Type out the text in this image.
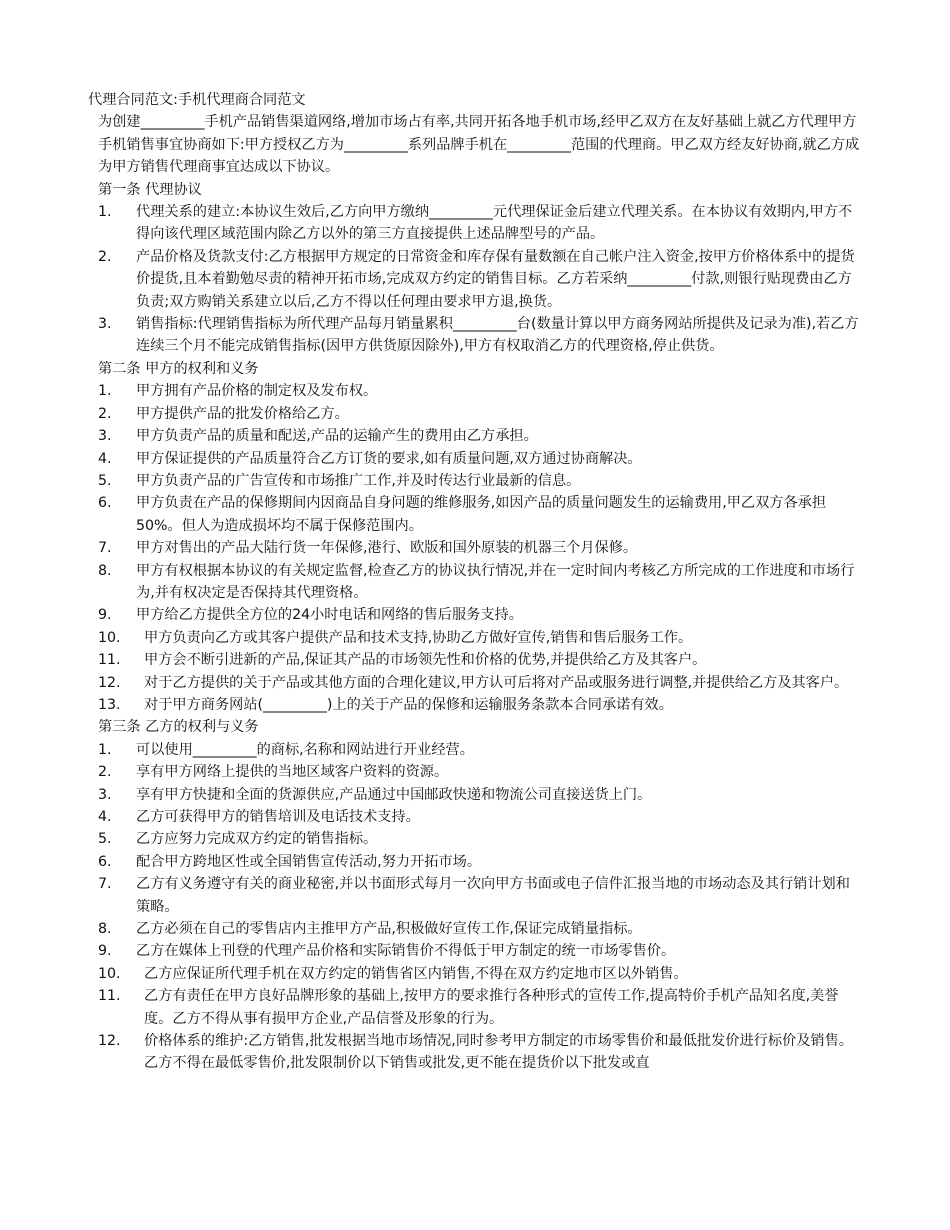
代理合同范文:手机代理商合同范文

为创建_________手机产品销售渠道网络,增加市场占有率,共同开拓各地手机市场,经甲乙双方在友好基础上就乙方代理甲方手机销售事宜协商如下:甲方授权乙方为_________系列品牌手机在_________范围的代理商。甲乙双方经友好协商,就乙方成为甲方销售代理商事宜达成以下协议。

第一条 代理协议

1. 代理关系的建立:本协议生效后,乙方向甲方缴纳_________元代理保证金后建立代理关系。在本协议有效期内,甲方不得向该代理区域范围内除乙方以外的第三方直接提供上述品牌型号的产品。
2. 产品价格及货款支付:乙方根据甲方规定的日常资金和库存保有量数额在自己帐户注入资金,按甲方价格体系中的提货价提货,且本着勤勉尽责的精神开拓市场,完成双方约定的销售目标。乙方若采纳_________付款,则银行贴现费由乙方负责;双方购销关系建立以后,乙方不得以任何理由要求甲方退,换货。
3. 销售指标:代理销售指标为所代理产品每月销量累积_________台(数量计算以甲方商务网站所提供及记录为准),若乙方连续三个月不能完成销售指标(因甲方供货原因除外),甲方有权取消乙方的代理资格,停止供货。

第二条 甲方的权利和义务

1. 甲方拥有产品价格的制定权及发布权。
2. 甲方提供产品的批发价格给乙方。
3. 甲方负责产品的质量和配送,产品的运输产生的费用由乙方承担。
4. 甲方保证提供的产品质量符合乙方订货的要求,如有质量问题,双方通过协商解决。
5. 甲方负责产品的广告宣传和市场推广工作,并及时传达行业最新的信息。
6. 甲方负责在产品的保修期间内因商品自身问题的维修服务,如因产品的质量问题发生的运输费用,甲乙双方各承担50%。但人为造成损坏均不属于保修范围内。
7. 甲方对售出的产品大陆行货一年保修,港行、欧版和国外原装的机器三个月保修。
8. 甲方有权根据本协议的有关规定监督,检查乙方的协议执行情况,并在一定时间内考核乙方所完成的工作进度和市场行为,并有权决定是否保持其代理资格。
9. 甲方给乙方提供全方位的24小时电话和网络的售后服务支持。
10. 甲方负责向乙方或其客户提供产品和技术支持,协助乙方做好宣传,销售和售后服务工作。
11. 甲方会不断引进新的产品,保证其产品的市场领先性和价格的优势,并提供给乙方及其客户。
12. 对于乙方提供的关于产品或其他方面的合理化建议,甲方认可后将对产品或服务进行调整,并提供给乙方及其客户。
13. 对于甲方商务网站(_________)上的关于产品的保修和运输服务条款本合同承诺有效。

第三条 乙方的权利与义务

1. 可以使用_________的商标,名称和网站进行开业经营。
2. 享有甲方网络上提供的当地区域客户资料的资源。
3. 享有甲方快捷和全面的货源供应,产品通过中国邮政快递和物流公司直接送货上门。
4. 乙方可获得甲方的销售培训及电话技术支持。
5. 乙方应努力完成双方约定的销售指标。
6. 配合甲方跨地区性或全国销售宣传活动,努力开拓市场。
7. 乙方有义务遵守有关的商业秘密,并以书面形式每月一次向甲方书面或电子信件汇报当地的市场动态及其行销计划和策略。
8. 乙方必须在自己的零售店内主推甲方产品,积极做好宣传工作,保证完成销量指标。
9. 乙方在媒体上刊登的代理产品价格和实际销售价不得低于甲方制定的统一市场零售价。
10. 乙方应保证所代理手机在双方约定的销售省区内销售,不得在双方约定地市区以外销售。
11. 乙方有责任在甲方良好品牌形象的基础上,按甲方的要求推行各种形式的宣传工作,提高特价手机产品知名度,美誉度。乙方不得从事有损甲方企业,产品信誉及形象的行为。
12. 价格体系的维护:乙方销售,批发根据当地市场情况,同时参考甲方制定的市场零售价和最低批发价进行标价及销售。乙方不得在最低零售价,批发限制价以下销售或批发,更不能在提货价以下批发或直
